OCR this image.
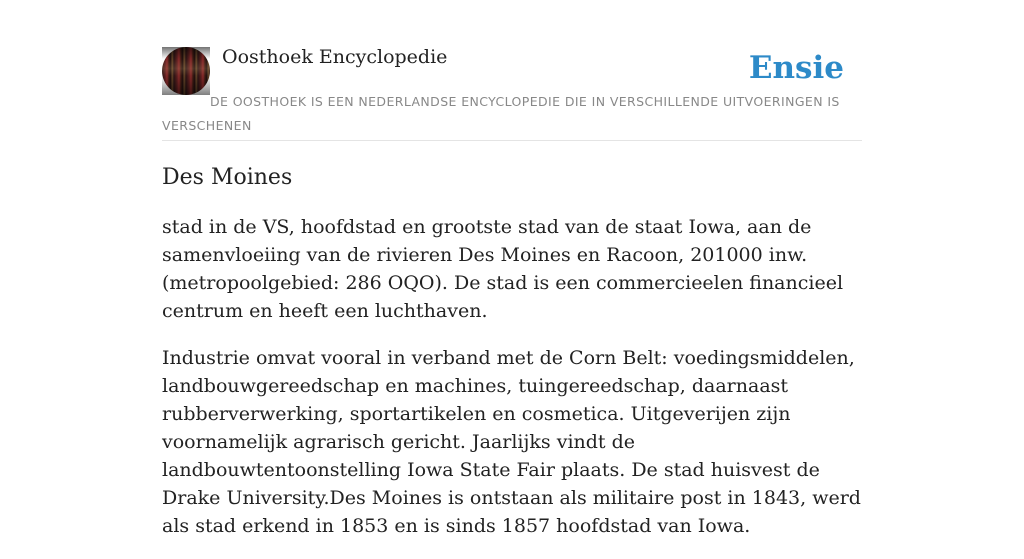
Oosthoek Encyclopedie	Ensie
DE OOSTHOEK IS EEN NEDERLANDSE ENCYCLOPEDIE DIE IN VERSCHILLENDE UITVOERINGEN IS VERSCHENEN
Des Moines

stad in de VS, hoofdstad en grootste stad van de staat Iowa, aan de samenvloeiing van de rivieren Des Moines en Racoon, 201000 inw. (metropoolgebied: 286 OQO). De stad is een commercieelen financieel centrum en heeft een luchthaven.

Industrie omvat vooral in verband met de Corn Belt: voedingsmiddelen, landbouwgereedschap en machines, tuingereedschap, daarnaast rubberverwerking, sportartikelen en cosmetica. Uitgeverijen zijn voornamelijk agrarisch gericht. Jaarlijks vindt de landbouwtentoonstelling Iowa State Fair plaats. De stad huisvest de Drake University.Des Moines is ontstaan als militaire post in 1843, werd als stad erkend in 1853 en is sinds 1857 hoofdstad van Iowa.
